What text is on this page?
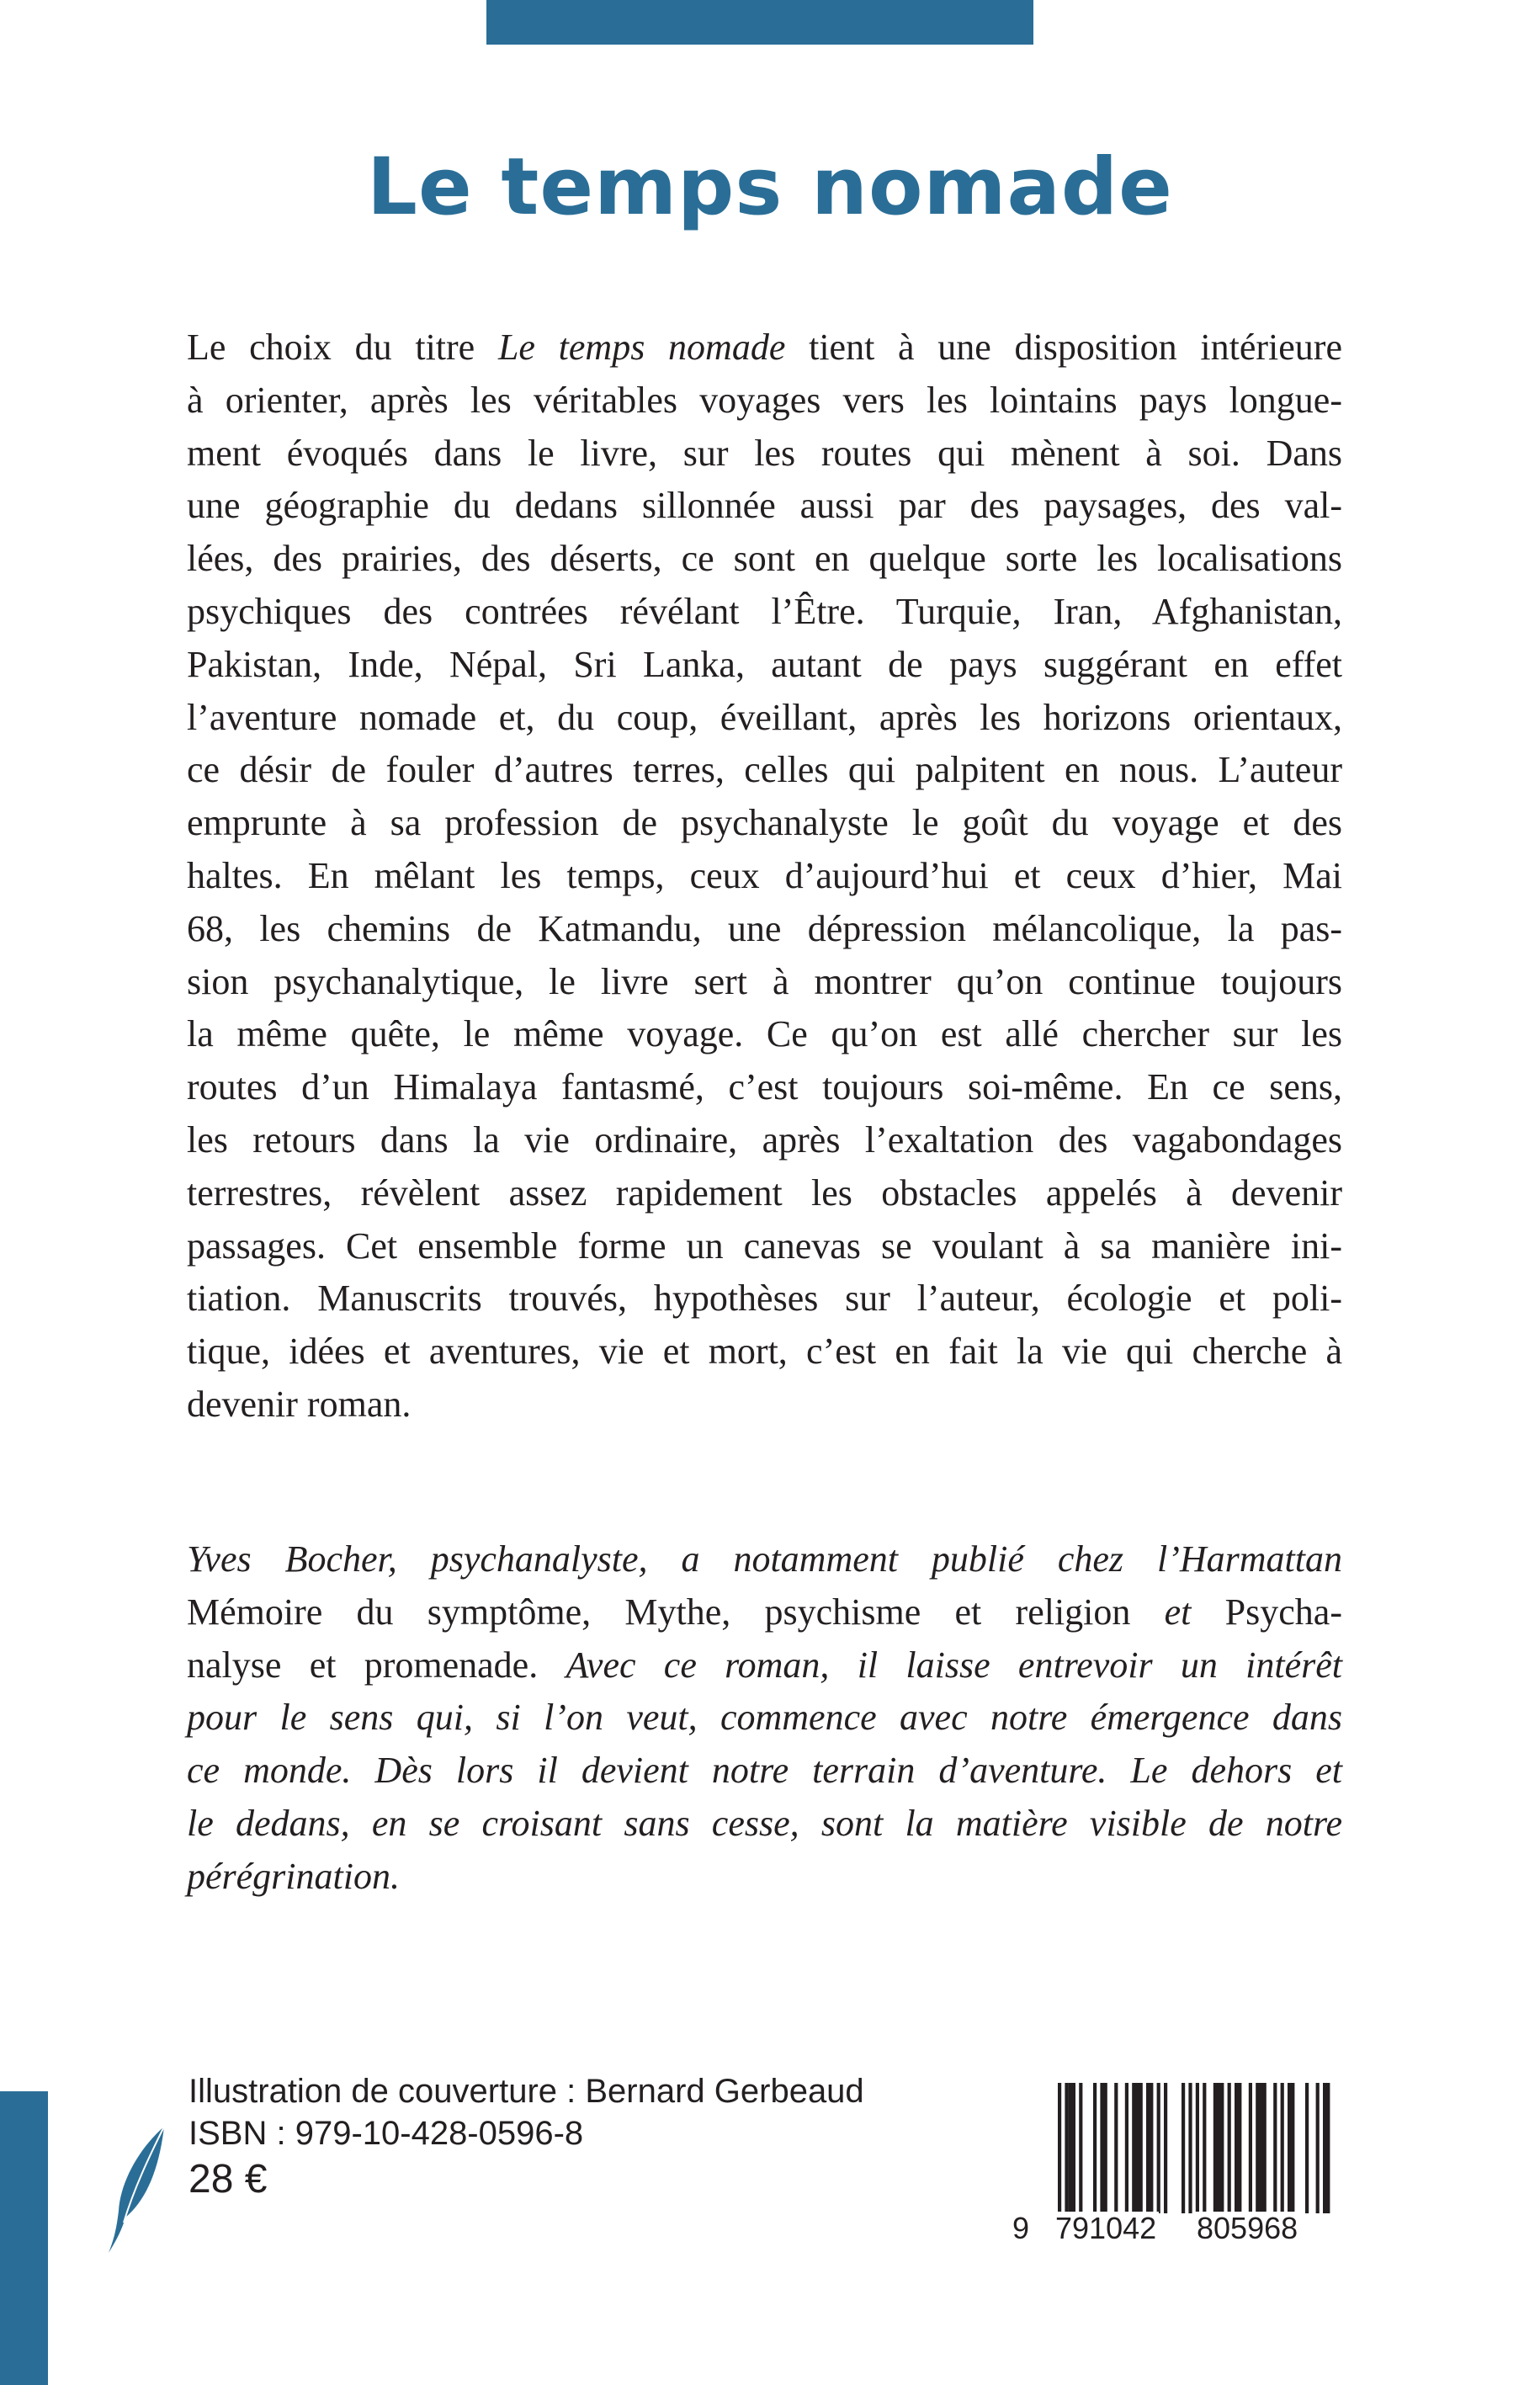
Le temps nomade
Le choix du titre Le temps nomade tient à une disposition intérieure
à orienter, après les véritables voyages vers les lointains pays longue-
ment évoqués dans le livre, sur les routes qui mènent à soi. Dans
une géographie du dedans sillonnée aussi par des paysages, des val-
lées, des prairies, des déserts, ce sont en quelque sorte les localisations
psychiques des contrées révélant l’Être. Turquie, Iran, Afghanistan,
Pakistan, Inde, Népal, Sri Lanka, autant de pays suggérant en effet
l’aventure nomade et, du coup, éveillant, après les horizons orientaux,
ce désir de fouler d’autres terres, celles qui palpitent en nous. L’auteur
emprunte à sa profession de psychanalyste le goût du voyage et des
haltes. En mêlant les temps, ceux d’aujourd’hui et ceux d’hier, Mai
68, les chemins de Katmandu, une dépression mélancolique, la pas-
sion psychanalytique, le livre sert à montrer qu’on continue toujours
la même quête, le même voyage. Ce qu’on est allé chercher sur les
routes d’un Himalaya fantasmé, c’est toujours soi-même. En ce sens,
les retours dans la vie ordinaire, après l’exaltation des vagabondages
terrestres, révèlent assez rapidement les obstacles appelés à devenir
passages. Cet ensemble forme un canevas se voulant à sa manière ini-
tiation. Manuscrits trouvés, hypothèses sur l’auteur, écologie et poli-
tique, idées et aventures, vie et mort, c’est en fait la vie qui cherche à
devenir roman.
Yves Bocher, psychanalyste, a notamment publié chez l’Harmattan
Mémoire du symptôme, Mythe, psychisme et religion et Psycha-
nalyse et promenade. Avec ce roman, il laisse entrevoir un intérêt
pour le sens qui, si l’on veut, commence avec notre émergence dans
ce monde. Dès lors il devient notre terrain d’aventure. Le dehors et
le dedans, en se croisant sans cesse, sont la matière visible de notre
pérégrination.
Illustration de couverture : Bernard Gerbeaud
ISBN : 979-10-428-0596-8
28 €
9 791042 805968
